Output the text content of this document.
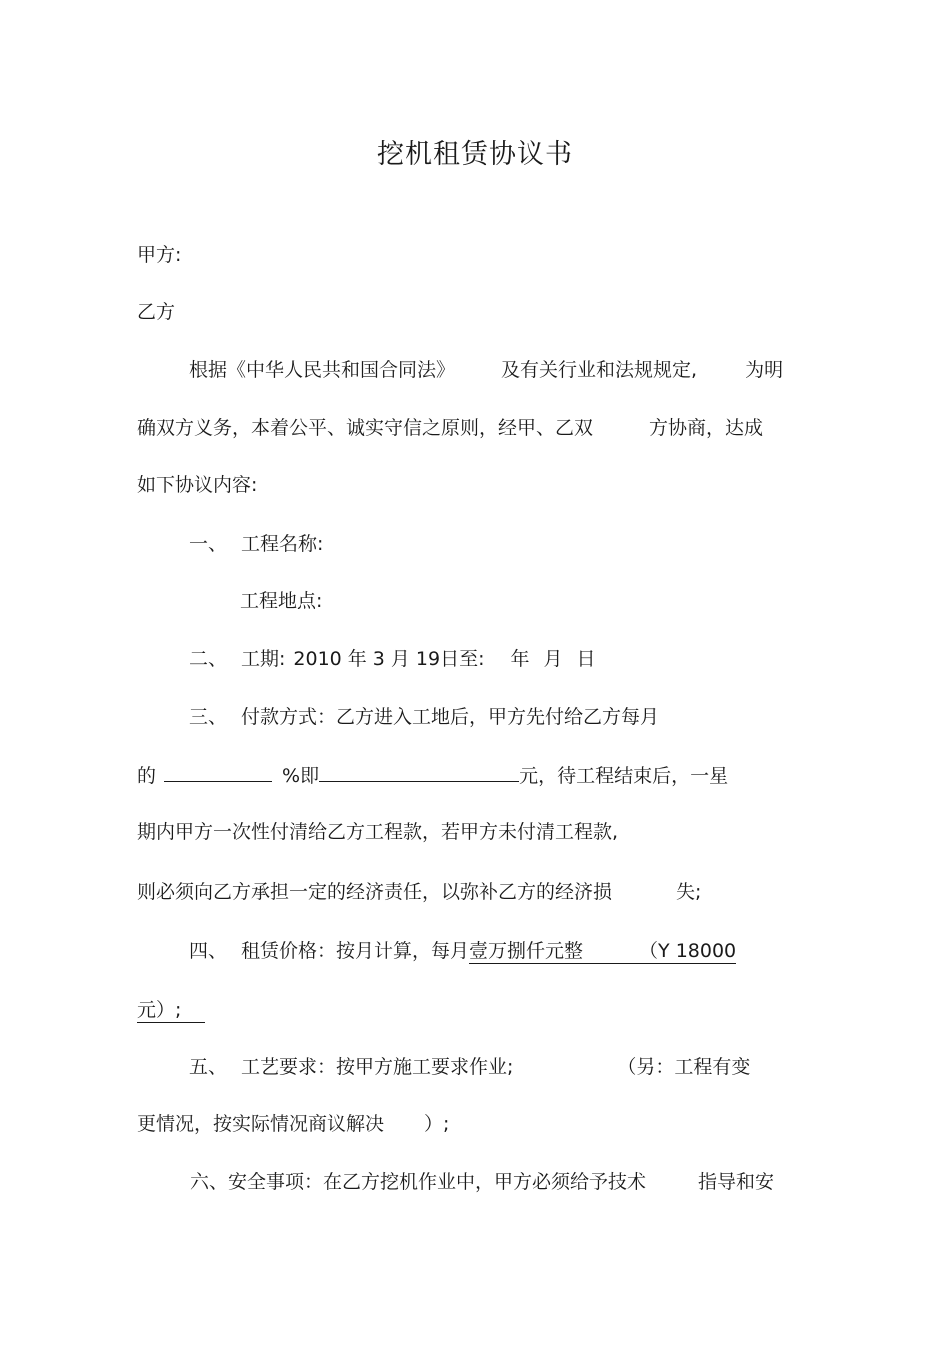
挖机租赁协议书
甲方:
乙方
根据《中华人民共和国合同法》 及有关行业和法规规定,	为明
确双方义务，本着公平、诚实守信之原则，经甲、乙双	方协商，达成
如下协议内容:
一、 工程名称:
工程地点:
二、 工期: 2010 年 3 月 19日至: 年 月 日
三、 付款方式：乙方进入工地后，甲方先付给乙方每月
的	%即	元，待工程结束后，一星
期内甲方一次性付清给乙方工程款，若甲方未付清工程款,
则必须向乙方承担一定的经济责任，以弥补乙方的经济损	失;
四、 租赁价格：按月计算，每月壹万捌仟元整	（Y 18000
元）;
五、 工艺要求：按甲方施工要求作业;	（另：工程有变
更情况，按实际情况商议解决 ）;
六、安全事项：在乙方挖机作业中，甲方必须给予技术	指导和安
